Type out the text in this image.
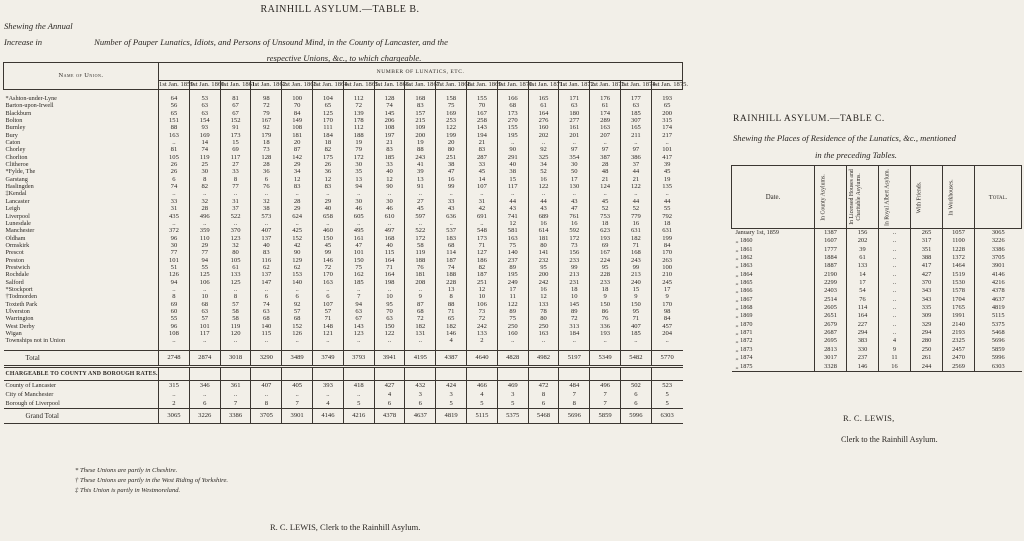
RAINHILL ASYLUM.—TABLE B.
Shewing the Annual Increase in	Number of Pauper Lunatics, Idiots, and Persons of Unsound Mind, in the County of Lancaster, and the
respective Unions, &c., to which chargeable.
Name of Union.	NUMBER OF LUNATICS, ETC.																
	1st Jan. 1859.	1st Jan. 1860.	1st Jan. 1861.	1st Jan. 1862.	1st Jan. 1863.	1st Jan. 1864.	1st Jan. 1865.	1st Jan. 1866.	1st Jan. 1867.	1st Jan. 1868.	1st Jan. 1869.	1st Jan. 1870.	1st Jan. 1871.	1st Jan. 1872.	1st Jan. 1873.	1st Jan. 1874.	1st Jan. 1875.

*Ashton-under-Lyne	64	53	81	98	100	104	112	128	168	158	155	166	165	171	176	177	193
Barton-upon-Irwell	56	63	67	72	70	65	72	74	83	75	70	68	61	63	61	63	65
Blackburn	65	63	67	79	84	125	139	145	157	169	167	173	164	180	174	185	200
Bolton	151	154	152	167	149	170	178	206	215	253	258	270	276	277	289	307	315
Burnley	88	93	91	92	108	111	112	108	109	122	143	155	160	161	163	165	174
Bury	163	169	173	179	181	184	188	197	200	199	194	195	202	201	207	211	217
Caton	..	14	15	18	20	18	19	21	19	20	21	..	..	..	..	..	..
Chorley	81	74	69	73	87	82	79	83	88	80	83	90	92	97	97	97	101
Chorlton	105	119	117	128	142	175	172	185	243	251	287	291	325	354	387	386	417
Clitheroe	26	25	27	28	29	26	30	33	41	38	33	40	34	30	28	37	39
*Fylde, The	26	30	33	36	34	36	35	40	39	47	45	38	52	50	48	44	45
Garstang	6	8	8	6	12	12	13	12	13	16	14	15	16	17	21	21	19
Haslingden	74	82	77	76	83	83	94	90	91	99	107	117	122	130	124	122	135
‡Kendal	..	..	..	..	..	..	..	..	..	..	..	..	..	..	..	..	..
Lancaster	33	32	31	32	28	29	30	30	27	33	31	44	44	43	45	44	44
Leigh	31	28	37	38	29	40	46	46	45	43	42	43	43	47	52	52	55
Liverpool	435	496	522	573	624	658	605	610	597	636	691	741	689	761	753	779	792
Lunesdale	..	..	..	..	..	..	..	..	..	..	..	12	16	16	18	16	18
Manchester	372	359	370	407	425	460	495	497	522	537	548	581	614	592	623	631	631
Oldham	96	110	123	137	152	150	161	168	172	183	173	163	181	172	193	182	199
Ormskirk	30	29	32	40	42	45	47	40	58	68	71	75	80	73	69	71	84
Prescot	77	77	80	83	90	99	101	115	119	114	127	140	141	156	167	168	170
Preston	101	94	105	116	129	146	150	164	188	187	186	237	232	233	224	243	263
Prestwich	51	55	61	62	62	72	75	71	76	74	82	89	95	99	95	99	100
Rochdale	126	125	133	137	153	170	162	164	181	188	187	195	200	213	228	213	210
Salford	94	106	125	147	140	163	185	198	208	228	251	249	242	231	233	240	245
*Stockport	..	..	..	..	..	..	..	..	..	13	12	17	16	18	18	15	17
†Todmorden	8	10	8	6	6	6	7	10	9	8	10	11	12	10	9	9	9
Toxteth Park	69	68	57	74	92	107	94	95	87	88	106	122	133	145	150	150	170
Ulverston	60	63	58	63	57	57	63	70	68	71	73	89	78	89	86	95	98
Warrington	55	57	58	68	68	71	67	63	72	65	72	75	80	72	76	71	84
West Derby	96	101	119	140	152	148	143	150	182	182	242	250	250	313	336	407	457
Wigan	108	117	120	115	126	121	123	122	131	146	133	160	163	184	193	185	204
Townships not in Union	..	..	..	..	..	..	..	..	..	4	2	..	..	..	..	..	..

Total	2748	2874	3018	3290	3489	3749	3793	3941	4195	4387	4640	4828	4982	5197	5349	5482	5770
CHARGEABLE TO COUNTY AND BOROUGH RATES.																	
County of Lancaster	315	346	361	407	405	393	418	427	432	424	466	469	472	484	496	502	523
City of Manchester	..	..	..	..	..	..	..	4	3	3	4	3	8	7	7	6	5
Borough of Liverpool	2	6	7	8	7	4	5	6	6	5	5	5	6	8	7	6	5
Grand Total	3065	3226	3386	3705	3901	4146	4216	4378	4637	4819	5115	5375	5468	5696	5859	5996	6303
* These Unions are partly in Cheshire.
† These Unions are partly in the West Riding of Yorkshire.
‡ This Union is partly in Westmoreland.
R. C. LEWIS, Clerk to the Rainhill Asylum.
RAINHILL ASYLUM.—TABLE C.
Shewing the Places of Residence of the Lunatics, &c., mentioned
in the preceding Tables.
Date.	In County Asylums.	In Licensed Houses and Charitable Asylums.	In Royal Albert Asylum.	With Friends.	In Workhouses.	Total.
January 1st, 1859	1387	156	..	265	1057	3065
,, 1860	1607	202	..	317	1100	3226
,, 1861	1777	39	..	351	1228	3386
,, 1862	1884	61	..	388	1372	3705
,, 1863	1887	133	..	417	1464	3901
,, 1864	2190	14	..	427	1519	4146
,, 1865	2299	17	..	370	1530	4216
,, 1866	2403	54	..	343	1578	4378
,, 1867	2514	76	..	343	1704	4637
,, 1868	2605	114	..	335	1765	4819
,, 1869	2651	164	..	309	1991	5115
,, 1870	2679	227	..	329	2140	5375
,, 1871	2687	294	..	294	2193	5468
,, 1872	2695	383	4	280	2325	5696
,, 1873	2813	330	9	250	2457	5859
,, 1874	3017	237	11	261	2470	5996
,, 1875	3328	146	16	244	2569	6303
R. C. LEWIS,
Clerk to the Rainhill Asylum.
